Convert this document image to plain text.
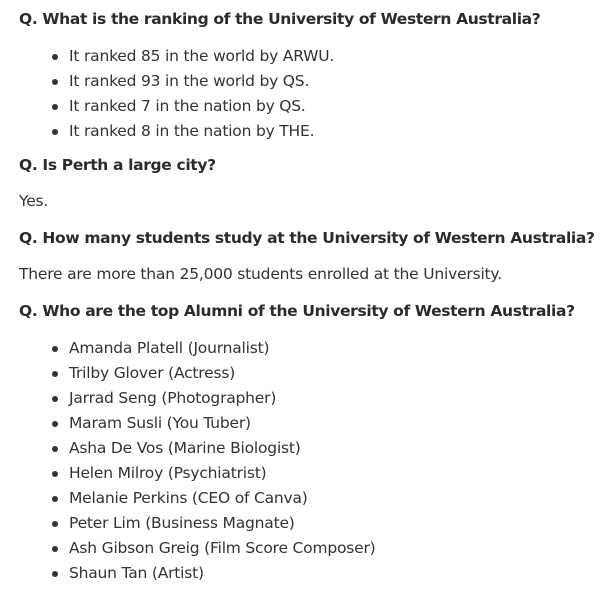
Q. What is the ranking of the University of Western Australia?

It ranked 85 in the world by ARWU.
It ranked 93 in the world by QS.
It ranked 7 in the nation by QS.
It ranked 8 in the nation by THE.

Q. Is Perth a large city?

Yes.

Q. How many students study at the University of Western Australia?

There are more than 25,000 students enrolled at the University.

Q. Who are the top Alumni of the University of Western Australia?

Amanda Platell (Journalist)
Trilby Glover (Actress)
Jarrad Seng (Photographer)
Maram Susli (You Tuber)
Asha De Vos (Marine Biologist)
Helen Milroy (Psychiatrist)
Melanie Perkins (CEO of Canva)
Peter Lim (Business Magnate)
Ash Gibson Greig (Film Score Composer)
Shaun Tan (Artist)
